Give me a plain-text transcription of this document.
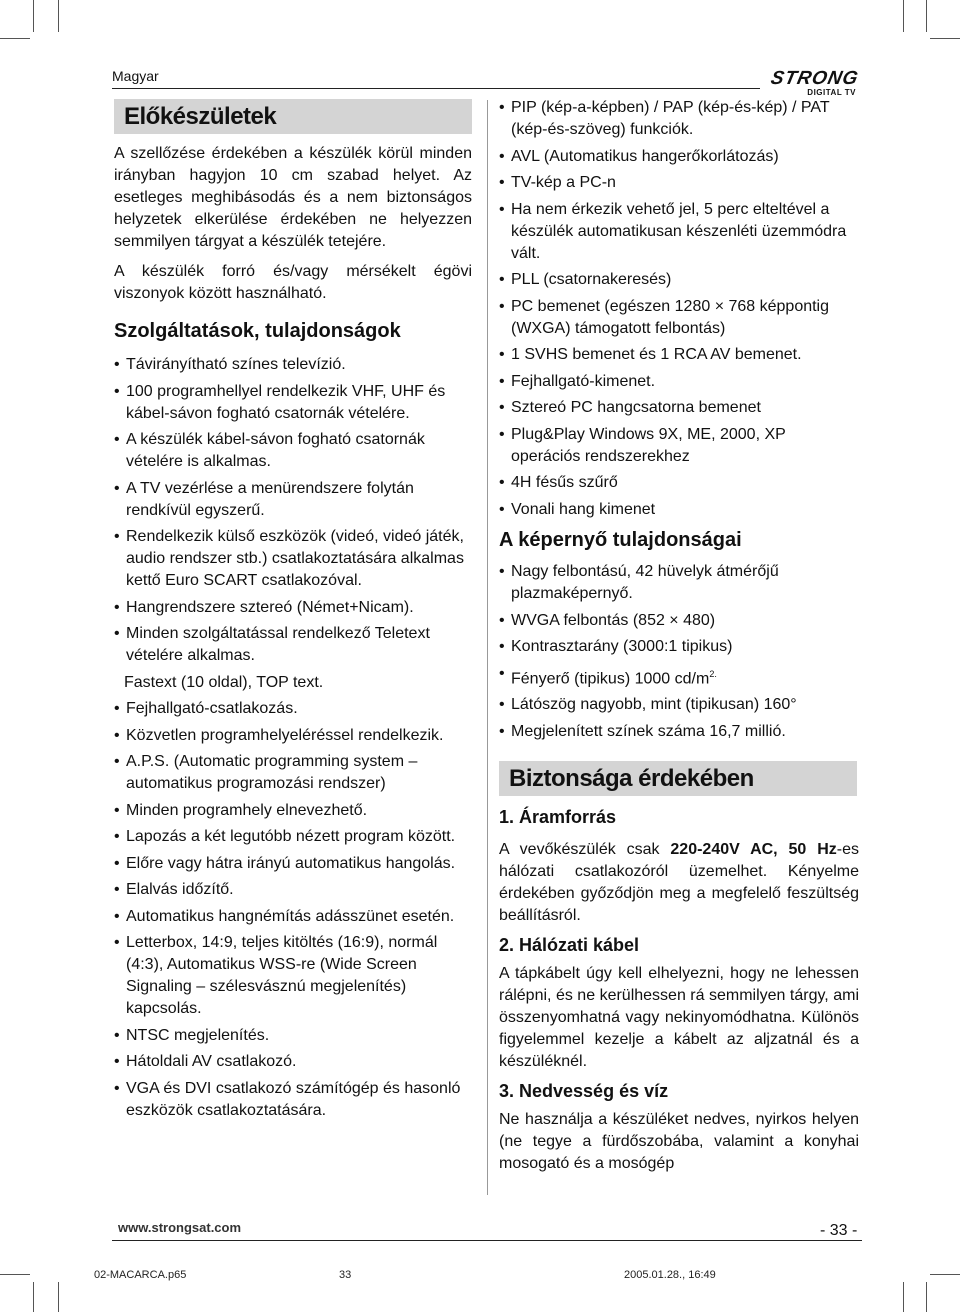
Magyar	STRONG
DIGITAL TV
Előkészületek

A szellőzése érdekében a készülék körül minden irányban hagyjon 10 cm szabad helyet. Az esetleges meghibásodás és a nem biztonságos helyzetek elkerülése érdekében ne helyezzen semmilyen tárgyat a készülék tetejére.

A készülék forró és/vagy mérsékelt égövi viszonyok között használható.

Szolgáltatások, tulajdonságok
• Távirányítható színes televízió.
• 100 programhellyel rendelkezik VHF, UHF és kábel-sávon fogható csatornák vételére.
• A készülék kábel-sávon fogható csatornák vételére is alkalmas.
• A TV vezérlése a menürendszere folytán rendkívül egyszerű.
• Rendelkezik külső eszközök (videó, videó játék, audio rendszer stb.) csatlakoztatására alkalmas kettő Euro SCART csatlakozóval.
• Hangrendszere sztereó (Német+Nicam).
• Minden szolgáltatással rendelkező Teletext vételére alkalmas.
Fastext (10 oldal), TOP text.
• Fejhallgató-csatlakozás.
• Közvetlen programhelyeléréssel rendelkezik.
• A.P.S. (Automatic programming system – automatikus programozási rendszer)
• Minden programhely elnevezhető.
• Lapozás a két legutóbb nézett program között.
• Előre vagy hátra irányú automatikus hangolás.
• Elalvás időzítő.
• Automatikus hangnémítás adásszünet esetén.
• Letterbox, 14:9, teljes kitöltés (16:9), normál (4:3), Automatikus WSS-re (Wide Screen Signaling – szélesvásznú megjelenítés) kapcsolás.
• NTSC megjelenítés.
• Hátoldali AV csatlakozó.
• VGA és DVI csatlakozó számítógép és hasonló eszközök csatlakoztatására.
• PIP (kép-a-képben) / PAP (kép-és-kép) / PAT (kép-és-szöveg) funkciók.
• AVL (Automatikus hangerőkorlátozás)
• TV-kép a PC-n
• Ha nem érkezik vehető jel, 5 perc elteltével a készülék automatikusan készenléti üzemmódra vált.
• PLL (csatornakeresés)
• PC bemenet (egészen 1280 × 768 képpontig (WXGA) támogatott felbontás)
• 1 SVHS bemenet és 1 RCA AV bemenet.
• Fejhallgató-kimenet.
• Sztereó PC hangcsatorna bemenet
• Plug&Play Windows 9X, ME, 2000, XP operációs rendszerekhez
• 4H fésűs szűrő
• Vonali hang kimenet
A képernyő tulajdonságai
• Nagy felbontású, 42 hüvelyk átmérőjű plazmaképernyő.
• WVGA felbontás (852 × 480)
• Kontrasztarány (3000:1 tipikus)
• Fényerő (tipikus) 1000 $cd/m^{2.}$
• Látószög nagyobb, mint (tipikusan) 160°
• Megjelenített színek száma 16,7 millió.
Biztonsága érdekében
1. Áramforrás

A vevőkészülék csak 220-240V AC, 50 Hz-es hálózati csatlakozóról üzemelhet. Kényelme érdekében győződjön meg a megfelelő feszültség beállításról.

2. Hálózati kábel

A tápkábelt úgy kell elhelyezni, hogy ne lehessen rálépni, és ne kerülhessen rá semmilyen tárgy, ami összenyomhatná vagy nekinyomódhatna. Különös figyelemmel kezelje a kábelt az aljzatnál és a készüléknél.

3. Nedvesség és víz

Ne használja a készüléket nedves, nyirkos helyen (ne tegye a fürdőszobába, valamint a konyhai mosogató és a mosógép

www.strongsat.com	- 33 -
02-MACARCA.p65	33	2005.01.28., 16:49
